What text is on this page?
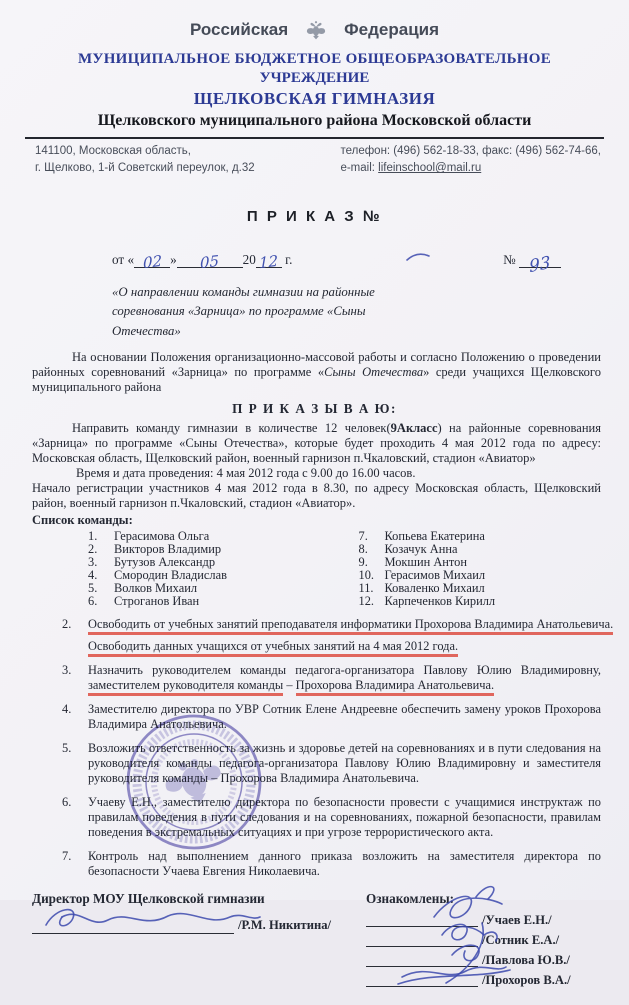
Российская	Федерация
МУНИЦИПАЛЬНОЕ БЮДЖЕТНОЕ ОБЩЕОБРАЗОВАТЕЛЬНОЕ
УЧРЕЖДЕНИЕ
ЩЕЛКОВСКАЯ ГИМНАЗИЯ
Щелковского муниципального района Московской области
141100, Московская область,
г. Щелково, 1-й Советский переулок, д.32
телефон: (496) 562-18-33, факс: (496) 562-74-66,
e-mail: lifeinschool@mail.ru
П Р И К А З №
от « 02 » 05 20 12 г.	№ 93
«О направлении команды гимназии на районные соревнования «Зарница» по программе «Сыны Отечества»
На основании Положения организационно-массовой работы и согласно Положению о проведении районных соревнований «Зарница» по программе «Сыны Отечества» среди учащихся Щелковского муниципального района
П Р И К А З Ы В А Ю:
Направить команду гимназии в количестве 12 человек(9Акласс) на районные соревнования «Зарница» по программе «Сыны Отечества», которые будет проходить 4 мая 2012 года по адресу: Московская область, Щелковский район, военный гарнизон п.Чкаловский, стадион «Авиатор»
Время и дата проведения: 4 мая 2012 года с 9.00 до 16.00 часов.
Начало регистрации участников 4 мая 2012 года в 8.30, по адресу Московская область, Щелковский район, военный гарнизон п.Чкаловский, стадион «Авиатор».
Список команды:
1. Герасимова Ольга
2. Викторов Владимир
3. Бутузов Александр
4. Смородин Владислав
5. Волков Михаил
6. Строганов Иван
7. Копьева Екатерина
8. Козачук Анна
9. Мокшин Антон
10. Герасимов Михаил
11. Коваленко Михаил
12. Карпеченков Кирилл
2.	Освободить от учебных занятий преподавателя информатики Прохорова Владимира Анатольевича.
Освободить данных учащихся от учебных занятий на 4 мая 2012 года.
3.	Назначить руководителем команды педагога-организатора Павлову Юлию Владимировну, заместителем руководителя команды – Прохорова Владимира Анатольевича.
4.	Заместителю директора по УВР Сотник Елене Андреевне обеспечить замену уроков Прохорова Владимира Анатольевича.
5.	Возложить ответственность за жизнь и здоровье детей на соревнованиях и в пути следования на руководителя команды педагога-организатора Павлову Юлию Владимировну и заместителя руководителя команды – Прохорова Владимира Анатольевича.
6.	Учаеву Е.Н., заместителю директора по безопасности провести с учащимися инструктаж по правилам поведения в пути следования и на соревнованиях, пожарной безопасности, правилам поведения в экстремальных ситуациях и при угрозе террористического акта.
7.	Контроль над выполнением данного приказа возложить на заместителя директора по безопасности Учаева Евгения Николаевича.
Директор МОУ Щелковской гимназии
/Р.М. Никитина/
Ознакомлены:
/Учаев Е.Н./
/Сотник Е.А./
/Павлова Ю.В./
/Прохоров В.А./
